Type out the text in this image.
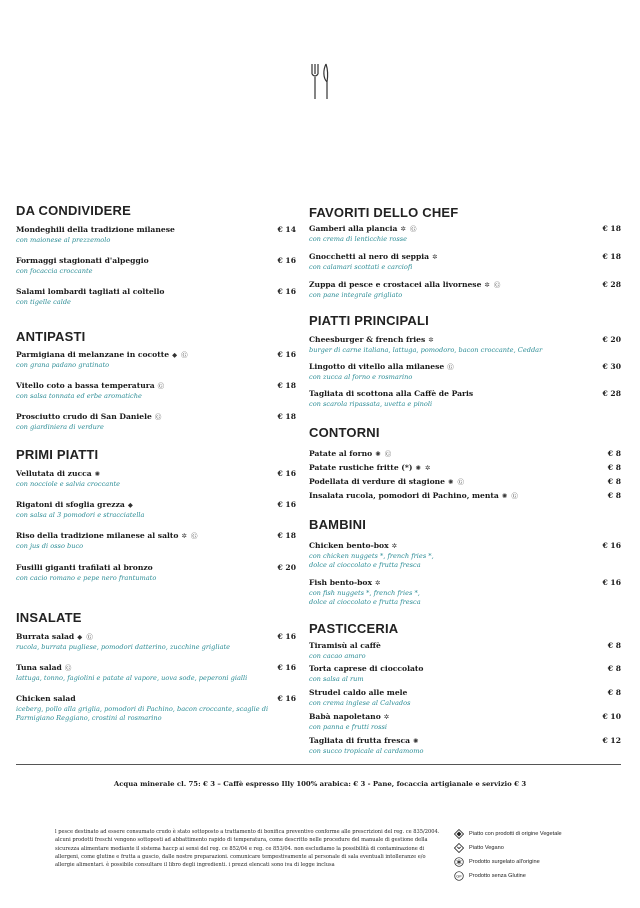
DA CONDIVIDERE
Mondeghili della tradizione milanese	€ 14
con maionese al prezzemolo
Formaggi stagionati d'alpeggio	€ 16
con focaccia croccante
Salami lombardi tagliati al coltello	€ 16
con tigelle calde
ANTIPASTI
Parmigiana di melanzane in cocotte ◆ Ⓖ	€ 16
con grana padano gratinato
Vitello coto a bassa temperatura Ⓖ	€ 18
con salsa tonnata ed erbe aromatiche
Prosciutto crudo di San Daniele Ⓖ	€ 18
con giardiniera di verdure
PRIMI PIATTI
Vellutata di zucca ✺	€ 16
con nocciole e salvia croccante
Rigatoni di sfoglia grezza ◆	€ 16
con salsa al 3 pomodori e stracciatella
Riso della tradizione milanese al salto ✲ Ⓖ	€ 18
con jus di osso buco
Fusilli giganti trafilati al bronzo	€ 20
con cacio romano e pepe nero frantumato
INSALATE
Burrata salad ◆ Ⓖ	€ 16
rucola, burrata pugliese, pomodori datterino, zucchine grigliate
Tuna salad Ⓖ	€ 16
lattuga, tonno, fagiolini e patate al vapore, uova sode, peperoni gialli
Chicken salad	€ 16
iceberg, pollo alla griglia, pomodori di Pachino, bacon croccante, scaglie di
Parmigiano Reggiano, crostini al rosmarino
FAVORITI DELLO CHEF
Gamberi alla plancia ✲ Ⓖ	€ 18
con crema di lenticchie rosse
Gnocchetti al nero di seppia ✲	€ 18
con calamari scottati e carciofi
Zuppa di pesce e crostacei alla livornese ✲ Ⓖ	€ 28
con pane integrale grigliato
PIATTI PRINCIPALI
Cheesburger & french fries ✲	€ 20
burger di carne italiana, lattuga, pomodoro, bacon croccante, Ceddar
Lingotto di vitello alla milanese Ⓖ	€ 30
con zucca al forno e rosmarino
Tagliata di scottona alla Caffè de Paris	€ 28
con scarola ripassata, uvetta e pinoli
CONTORNI
Patate al forno ✺ Ⓖ	€ 8
Patate rustiche fritte (*) ✺ ✲	€ 8
Podellata di verdure di stagione ✺ Ⓖ	€ 8
Insalata rucola, pomodori di Pachino, menta ✺ Ⓖ	€ 8
BAMBINI
Chicken bento-box ✲	€ 16
con chicken nuggets *, french fries *,
dolce al cioccolato e frutta fresca
Fish bento-box ✲	€ 16
con fish nuggets *, french fries *,
dolce al cioccolato e frutta fresca
PASTICCERIA
Tiramisù al caffè	€ 8
con cacao amaro
Torta caprese di cioccolato	€ 8
con salsa al rum
Strudel caldo alle mele	€ 8
con crema inglese al Calvados
Babà napoletano ✲	€ 10
con panna e frutti rossi
Tagliata di frutta fresca ✺	€ 12
con succo tropicale al cardamomo
Acqua minerale cl. 75: € 3 – Caffè espresso Illy 100% arabica: € 3 - Pane, focaccia artigianale e servizio € 3
l pesce destinato ad essere consumato crudo è stato sottoposto a trattamento di bonifica preventivo conforme alle prescrizioni del reg. ce 835/2004. alcuni prodotti freschi vengono sottoposti ad abbattimento rapido di temperatura, come descritto nelle procedure del manuale di gestione della sicurezza alimentare mediante il sistema haccp ai sensi del reg. ce 852/04 e reg. ce 853/04. non escludiamo la possibilità di contaminazione di allergeni, come glutine e frutta a guscio, dalle nostre preparazioni. comunicare tempestivamente al personale di sala eventuali intolleranze e/o allergie alimentari. è possibile consultare il libro degli ingredienti. i prezzi elencati sono iva di legge inclusa
Piatto con prodotti di origine Vegetale
Piatto Vegano
Prodotto surgelato all'origine
GF Prodotto senza Glutine
